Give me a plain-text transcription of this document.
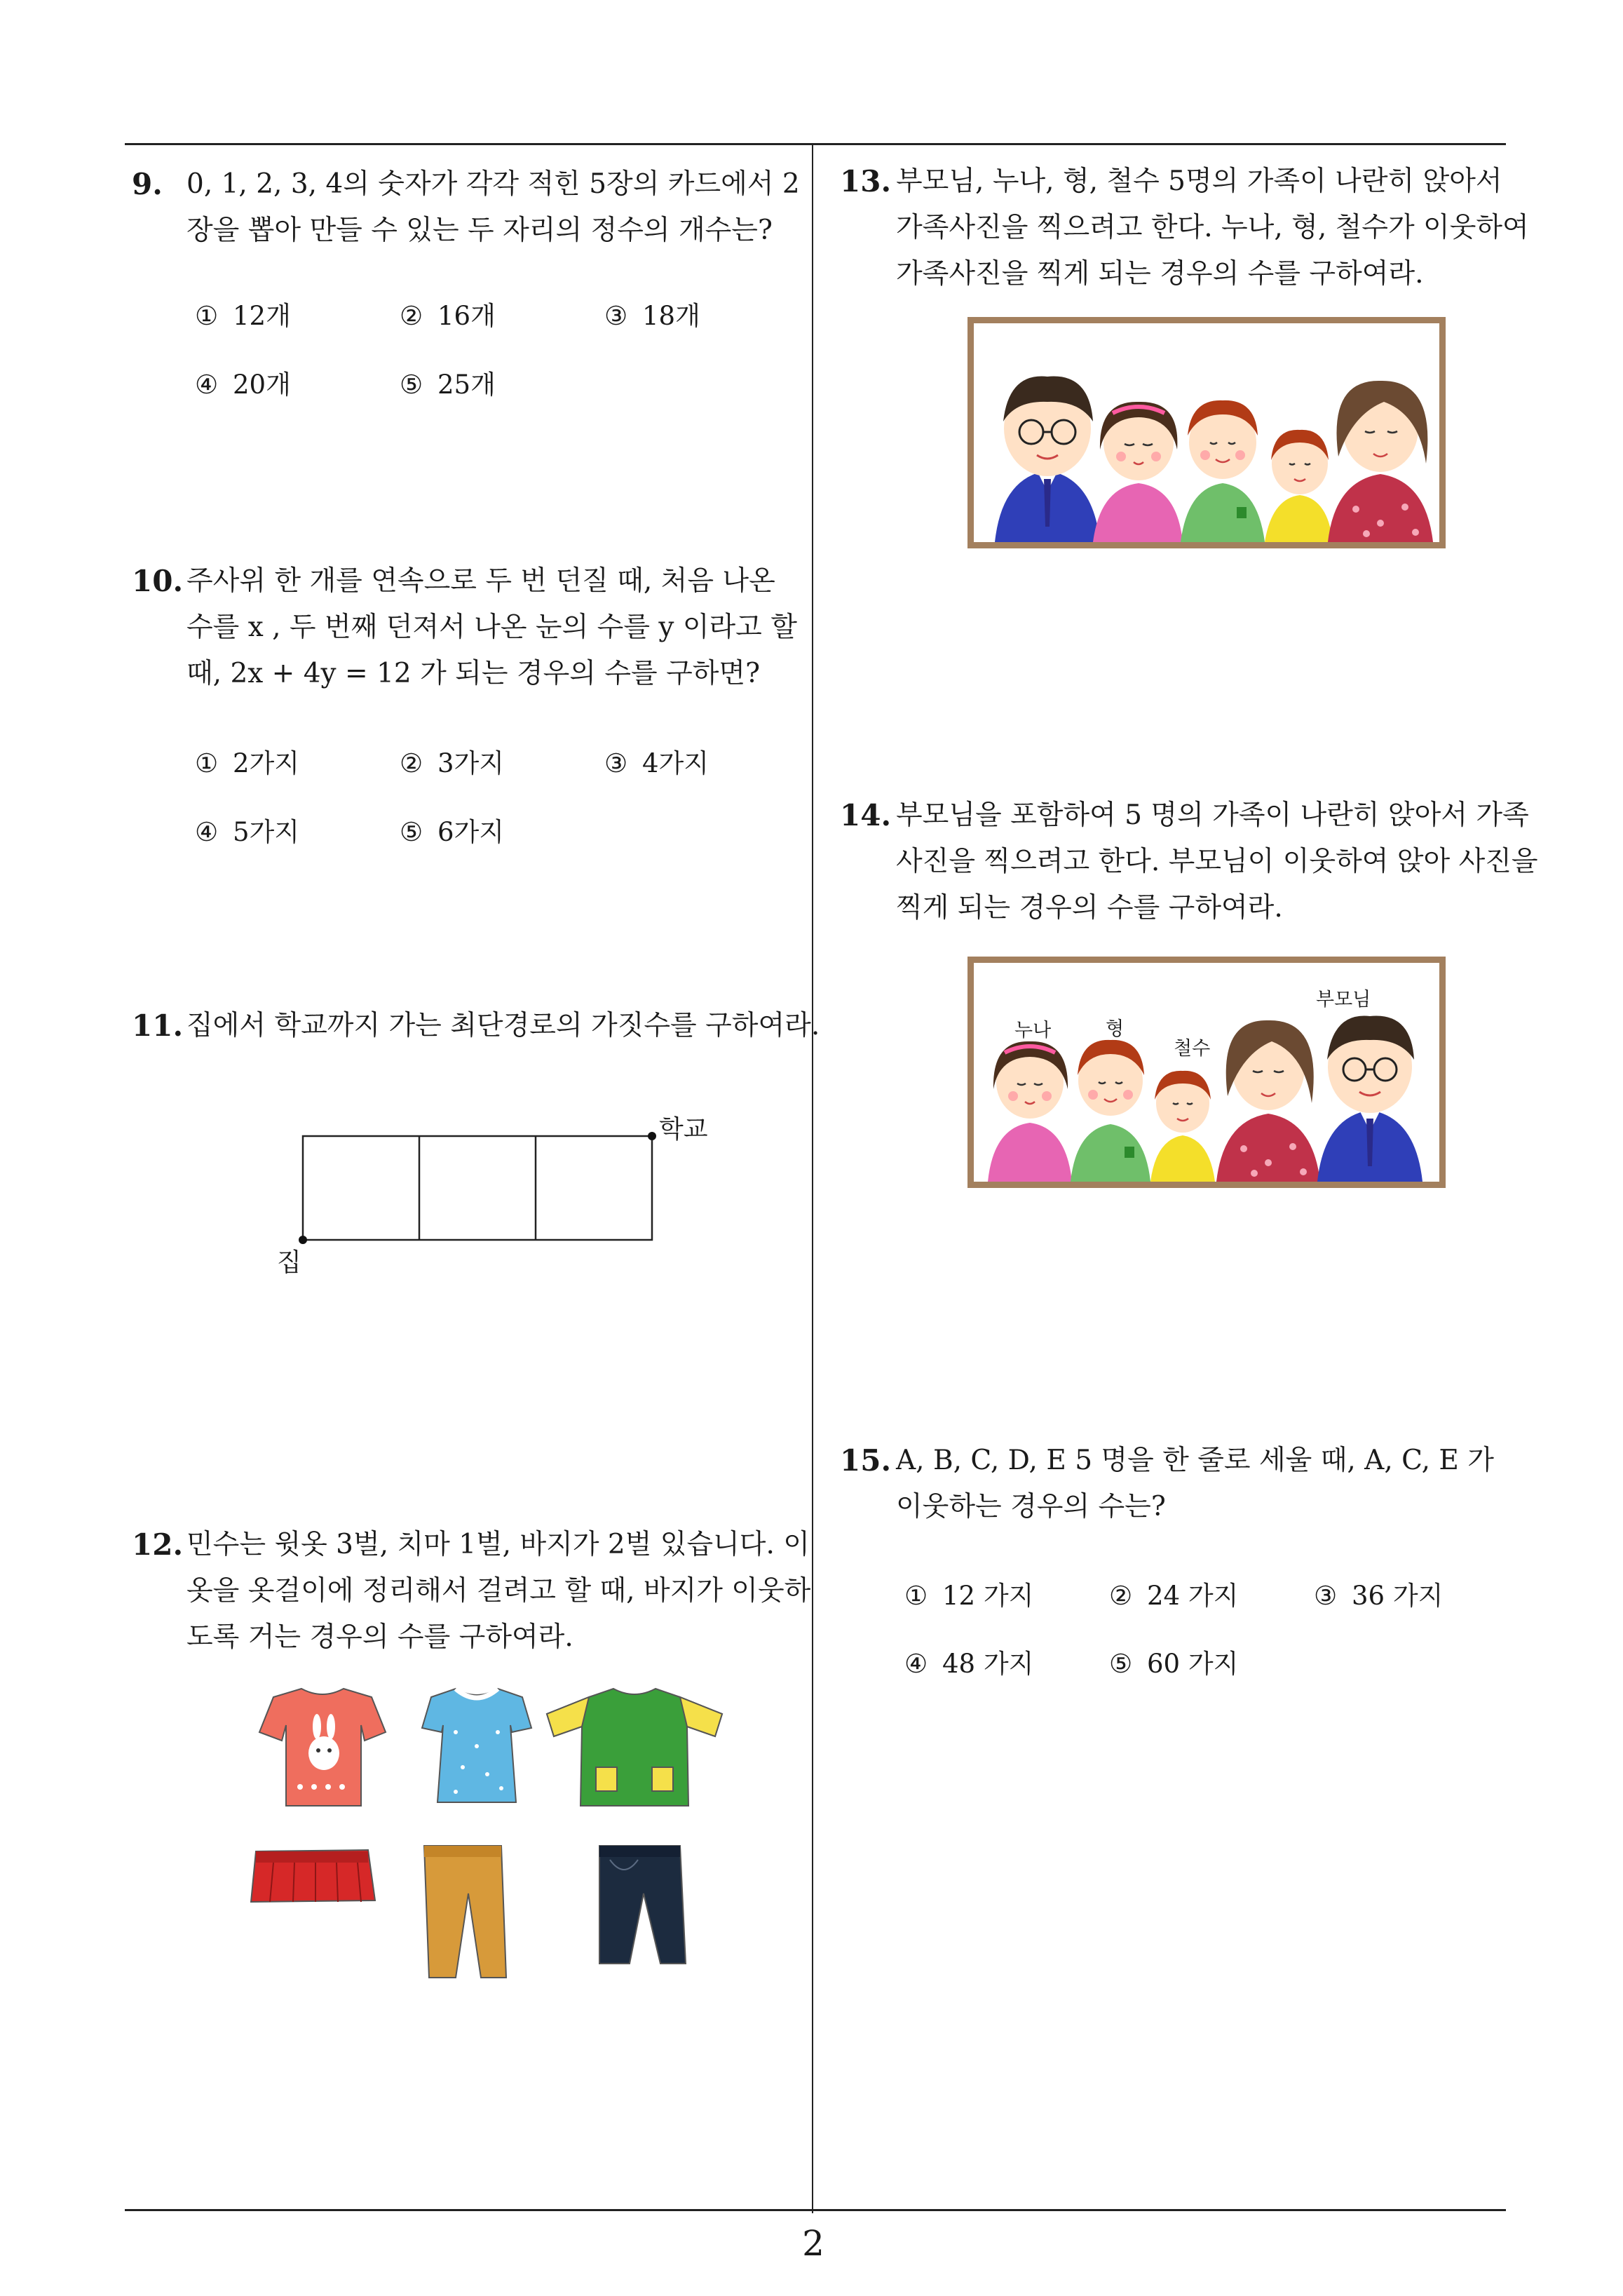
9. 0, 1, 2, 3, 4의 숫자가 각각 적힌 5장의 카드에서 2
장을 뽑아 만들 수 있는 두 자리의 정수의 개수는?
① 12개	② 16개	③ 18개
④ 20개	⑤ 25개
10. 주사위 한 개를 연속으로 두 번 던질 때, 처음 나온
수를 x , 두 번째 던져서 나온 눈의 수를 y 이라고 할
때, 2x + 4y = 12 가 되는 경우의 수를 구하면?
① 2가지	② 3가지	③ 4가지
④ 5가지	⑤ 6가지
11. 집에서 학교까지 가는 최단경로의 가짓수를 구하여라.
학교
집
12. 민수는 윗옷 3벌, 치마 1벌, 바지가 2벌 있습니다. 이
옷을 옷걸이에 정리해서 걸려고 할 때, 바지가 이웃하
도록 거는 경우의 수를 구하여라.
13. 부모님, 누나, 형, 철수 5명의 가족이 나란히 앉아서
가족사진을 찍으려고 한다. 누나, 형, 철수가 이웃하여
가족사진을 찍게 되는 경우의 수를 구하여라.
14. 부모님을 포함하여 5 명의 가족이 나란히 앉아서 가족
사진을 찍으려고 한다. 부모님이 이웃하여 앉아 사진을
찍게 되는 경우의 수를 구하여라.
누나	형
철수
부모님
15. A, B, C, D, E 5 명을 한 줄로 세울 때, A, C, E 가
이웃하는 경우의 수는?
① 12 가지	② 24 가지	③ 36 가지
④ 48 가지	⑤ 60 가지
2
